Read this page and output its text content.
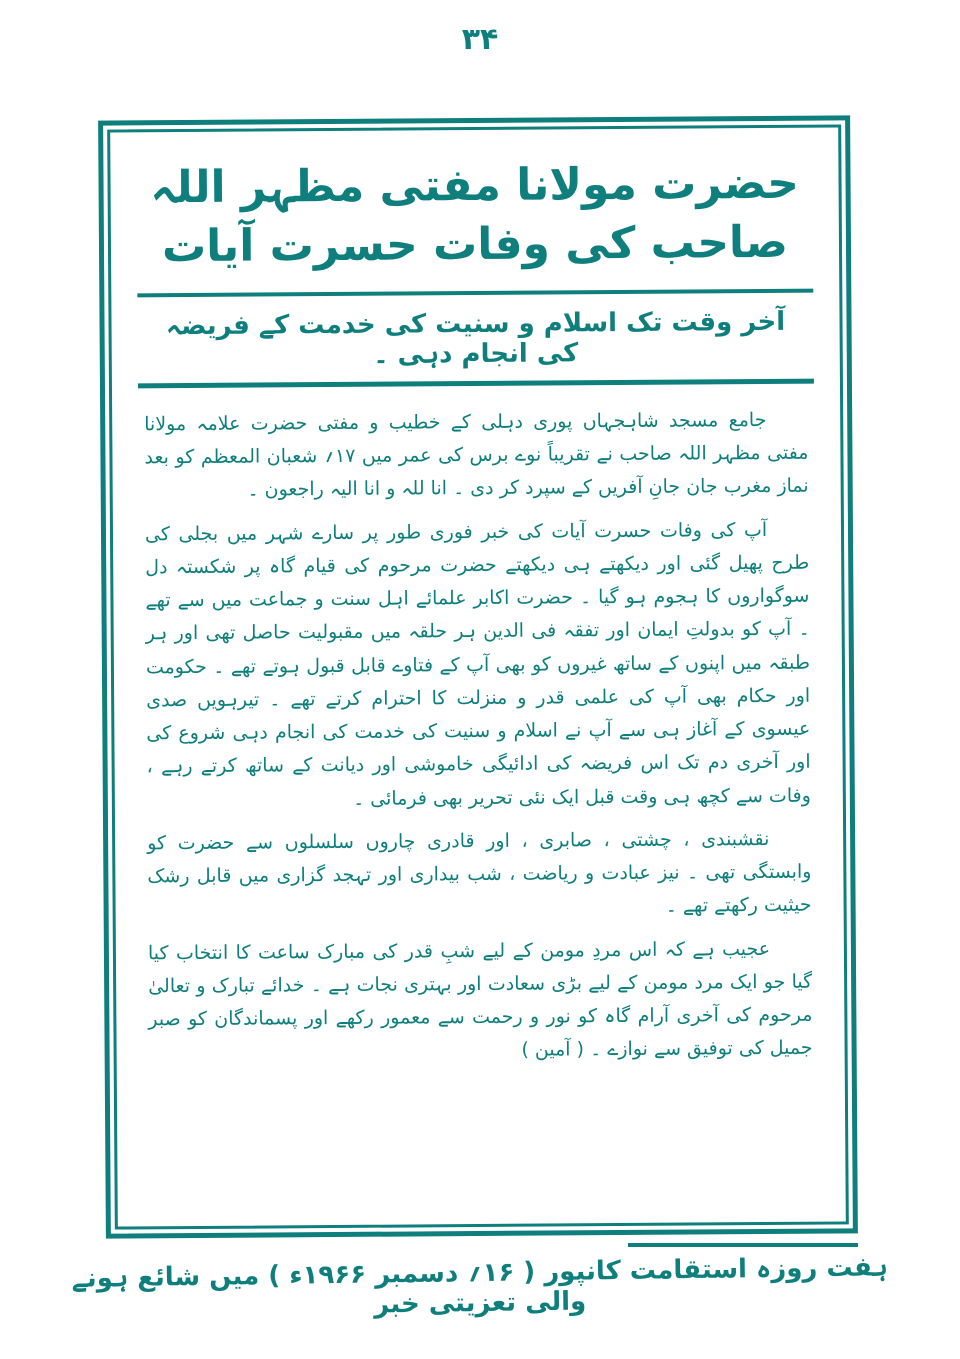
۳۴
حضرت مولانا مفتی مظہر اللہ صاحب کی وفات حسرت آیات
آخر وقت تک اسلام و سنیت کی خدمت کے فریضہ کی انجام دہی ۔

جامع مسجد شاہجہاں پوری دہلی کے خطیب و مفتی حضرت علامہ مولانا مفتی مظہر اللہ صاحب نے تقریباً نوے برس کی عمر میں ۱۷؍ شعبان المعظم کو بعد نماز مغرب جان جانِ آفریں کے سپرد کر دی ۔ انا للہ و انا الیہ راجعون ۔

آپ کی وفات حسرت آیات کی خبر فوری طور پر سارے شہر میں بجلی کی طرح پھیل گئی اور دیکھتے ہی دیکھتے حضرت مرحوم کی قیام گاہ پر شکستہ دل سوگواروں کا ہجوم ہو گیا ۔ حضرت اکابر علمائے اہل سنت و جماعت میں سے تھے ۔ آپ کو بدولتِ ایمان اور تفقہ فی الدین ہر حلقہ میں مقبولیت حاصل تھی اور ہر طبقہ میں اپنوں کے ساتھ غیروں کو بھی آپ کے فتاوے قابل قبول ہوتے تھے ۔ حکومت اور حکام بھی آپ کی علمی قدر و منزلت کا احترام کرتے تھے ۔ تیرہویں صدی عیسوی کے آغاز ہی سے آپ نے اسلام و سنیت کی خدمت کی انجام دہی شروع کی اور آخری دم تک اس فریضہ کی ادائیگی خاموشی اور دیانت کے ساتھ کرتے رہے ، وفات سے کچھ ہی وقت قبل ایک نئی تحریر بھی فرمائی ۔

نقشبندی ، چشتی ، صابری ، اور قادری چاروں سلسلوں سے حضرت کو وابستگی تھی ۔ نیز عبادت و ریاضت ، شب بیداری اور تہجد گزاری میں قابل رشک حیثیت رکھتے تھے ۔

عجیب ہے کہ اس مردِ مومن کے لیے شبِ قدر کی مبارک ساعت کا انتخاب کیا گیا جو ایک مرد مومن کے لیے بڑی سعادت اور بہتری نجات ہے ۔ خدائے تبارک و تعالیٰ مرحوم کی آخری آرام گاہ کو نور و رحمت سے معمور رکھے اور پسماندگان کو صبر جمیل کی توفیق سے نوازے ۔ ( آمین )

ہفت روزہ استقامت کانپور ( ۱۶؍ دسمبر ۱۹۶۶ء ) میں شائع ہونے والی تعزیتی خبر
